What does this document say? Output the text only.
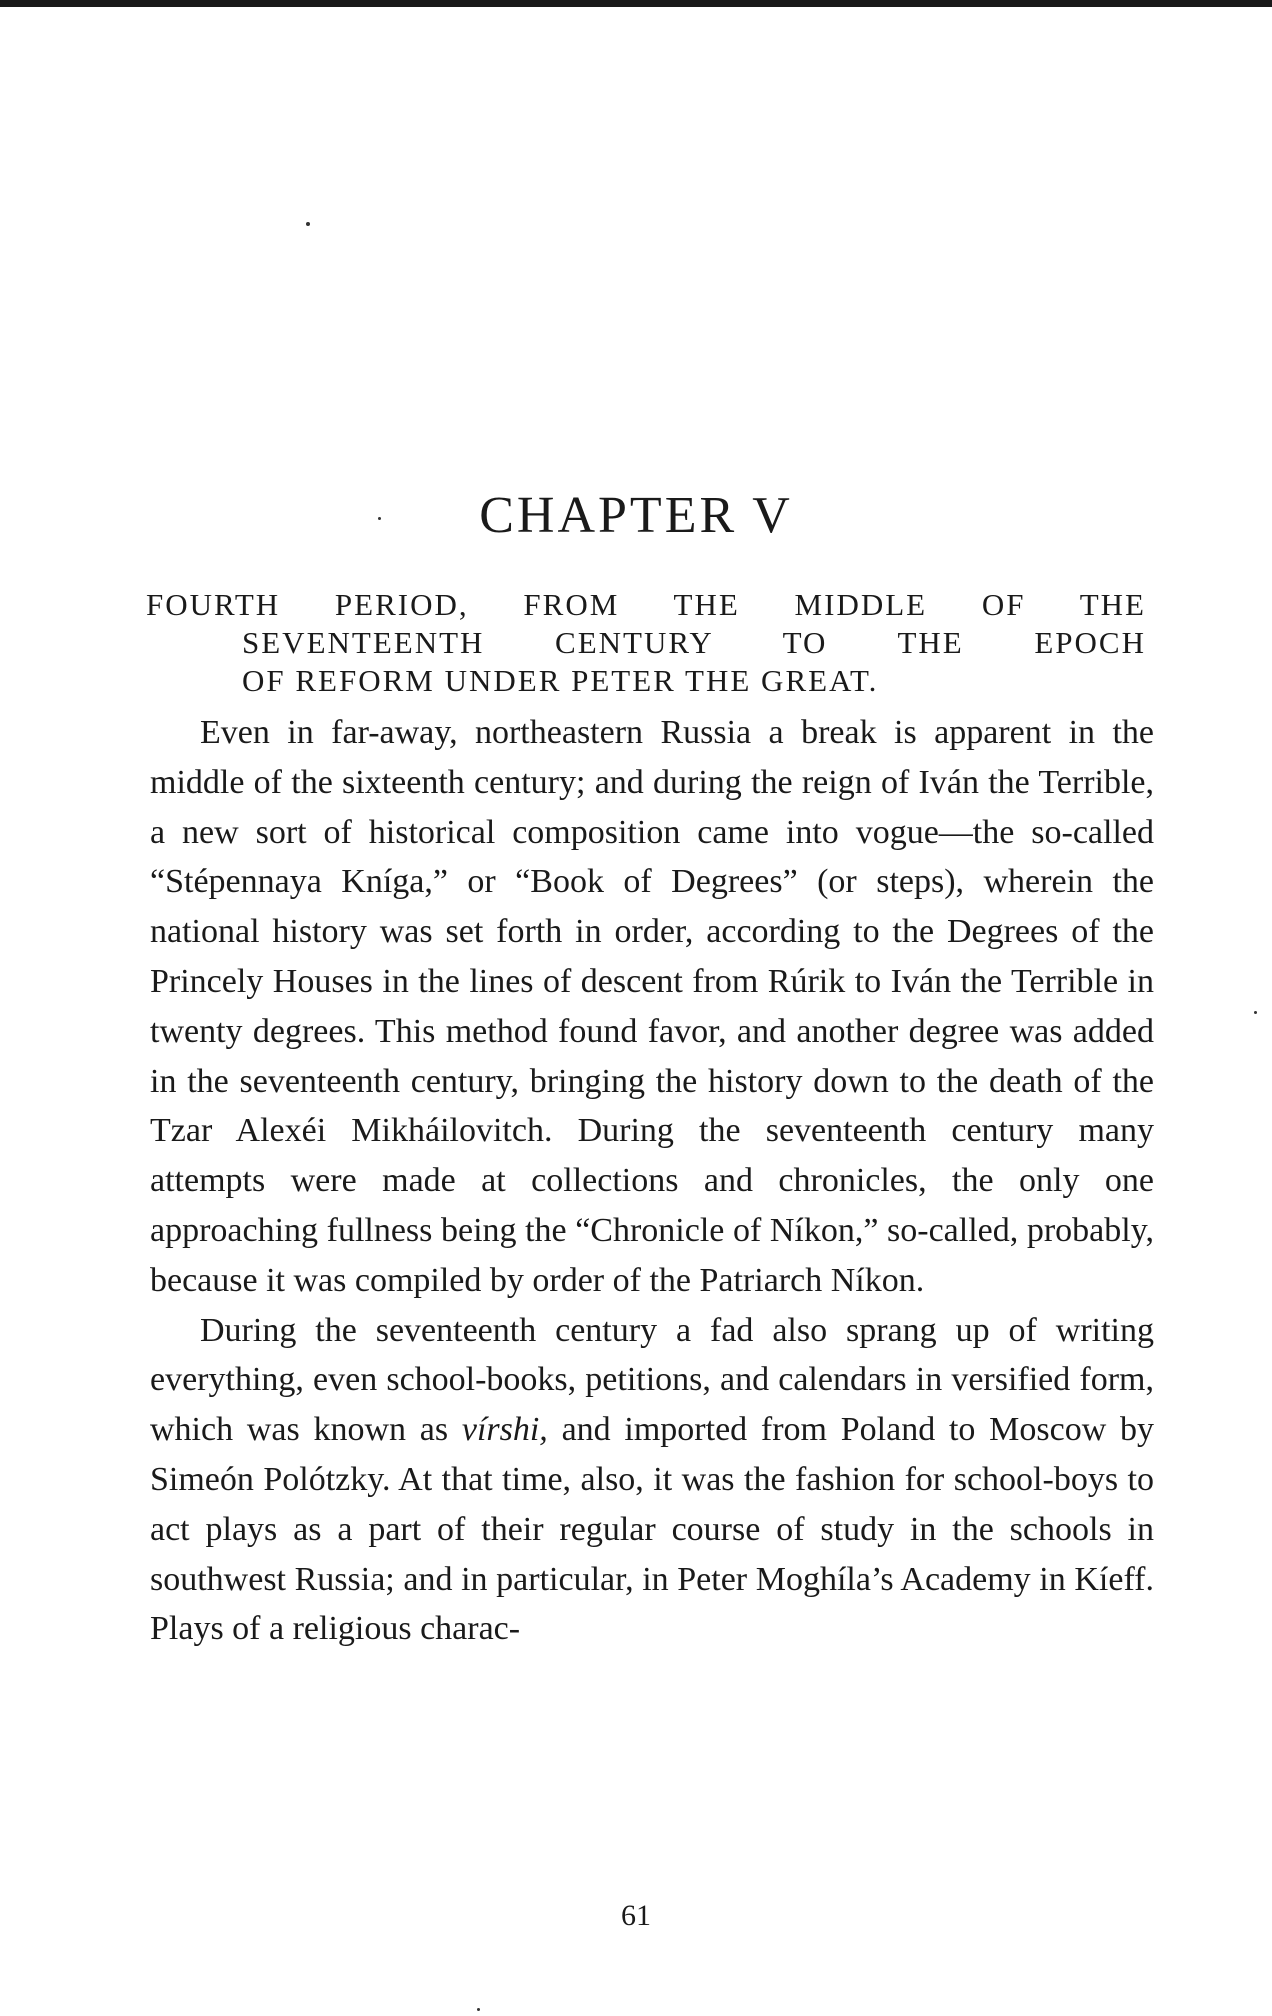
CHAPTER V
FOURTH PERIOD, FROM THE MIDDLE OF THE
SEVENTEENTH CENTURY TO THE EPOCH
OF REFORM UNDER PETER THE GREAT.

Even in far-away, northeastern Russia a break is apparent in the middle of the sixteenth century; and during the reign of Iván the Terrible, a new sort of historical composition came into vogue—the so-called “Stépennaya Kníga,” or “Book of Degrees” (or steps), wherein the national history was set forth in order, according to the Degrees of the Princely Houses in the lines of descent from Rúrik to Iván the Terrible in twenty degrees. This method found favor, and another degree was added in the seventeenth century, bringing the history down to the death of the Tzar Alexéi Mikháilovitch. During the seventeenth century many attempts were made at collections and chronicles, the only one approaching fullness being the “Chronicle of Níkon,” so-called, probably, because it was compiled by order of the Patriarch Níkon.

During the seventeenth century a fad also sprang up of writing everything, even school-books, petitions, and calendars in versified form, which was known as vírshi, and imported from Poland to Moscow by Simeón Polótzky. At that time, also, it was the fashion for school-boys to act plays as a part of their regular course of study in the schools in southwest Russia; and in particular, in Peter Moghíla’s Academy in Kíeff. Plays of a religious charac-

61
